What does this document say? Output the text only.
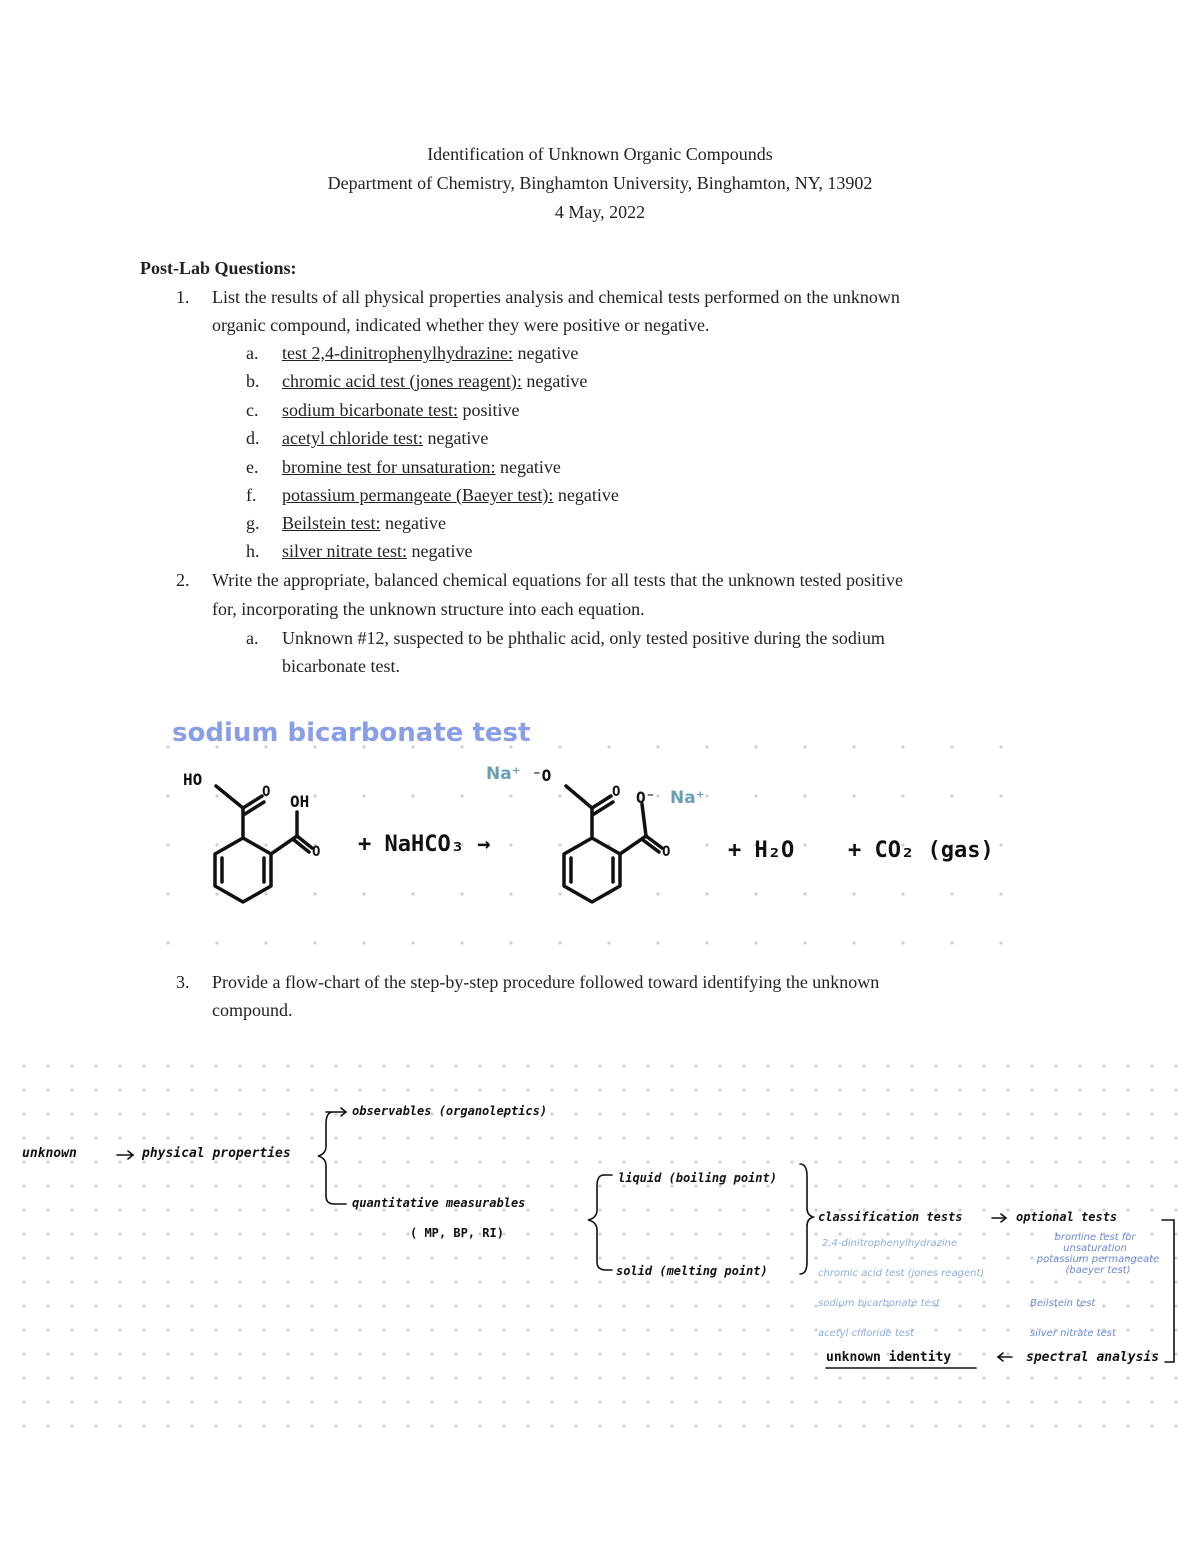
Identification of Unknown Organic Compounds
Department of Chemistry, Binghamton University, Binghamton, NY, 13902
4 May, 2022
Post-Lab Questions:
1. List the results of all physical properties analysis and chemical tests performed on the unknown
organic compound, indicated whether they were positive or negative.
a. test 2,4-dinitrophenylhydrazine: negative
b. chromic acid test (jones reagent): negative
c. sodium bicarbonate test: positive
d. acetyl chloride test: negative
e. bromine test for unsaturation: negative
f. potassium permangeate (Baeyer test): negative
g. Beilstein test: negative
h. silver nitrate test: negative
2. Write the appropriate, balanced chemical equations for all tests that the unknown tested positive
for, incorporating the unknown structure into each equation.
a. Unknown #12, suspected to be phthalic acid, only tested positive during the sodium
bicarbonate test.
sodium bicarbonate test
HO
OH
O
O + NaHCO₃ →
Na⁺ ⁻O
O O⁻ Na⁺
O	+ H₂O + CO₂ (gas)
3. Provide a flow-chart of the step-by-step procedure followed toward identifying the unknown
compound.
unknown	physical properties
observables (organoleptics)
quantitative measurables
( MP, BP, RI)
liquid (boiling point)
solid (melting point)
classification tests	optional tests
2,4-dinitrophenylhydrazine
chromic acid test (jones reagent)
sodium bicarbonate test
acetyl chloride test
bromine test for unsaturation
potassium permangeate (baeyer test)
Beilstein test
silver nitrate test
unknown identity	spectral analysis
